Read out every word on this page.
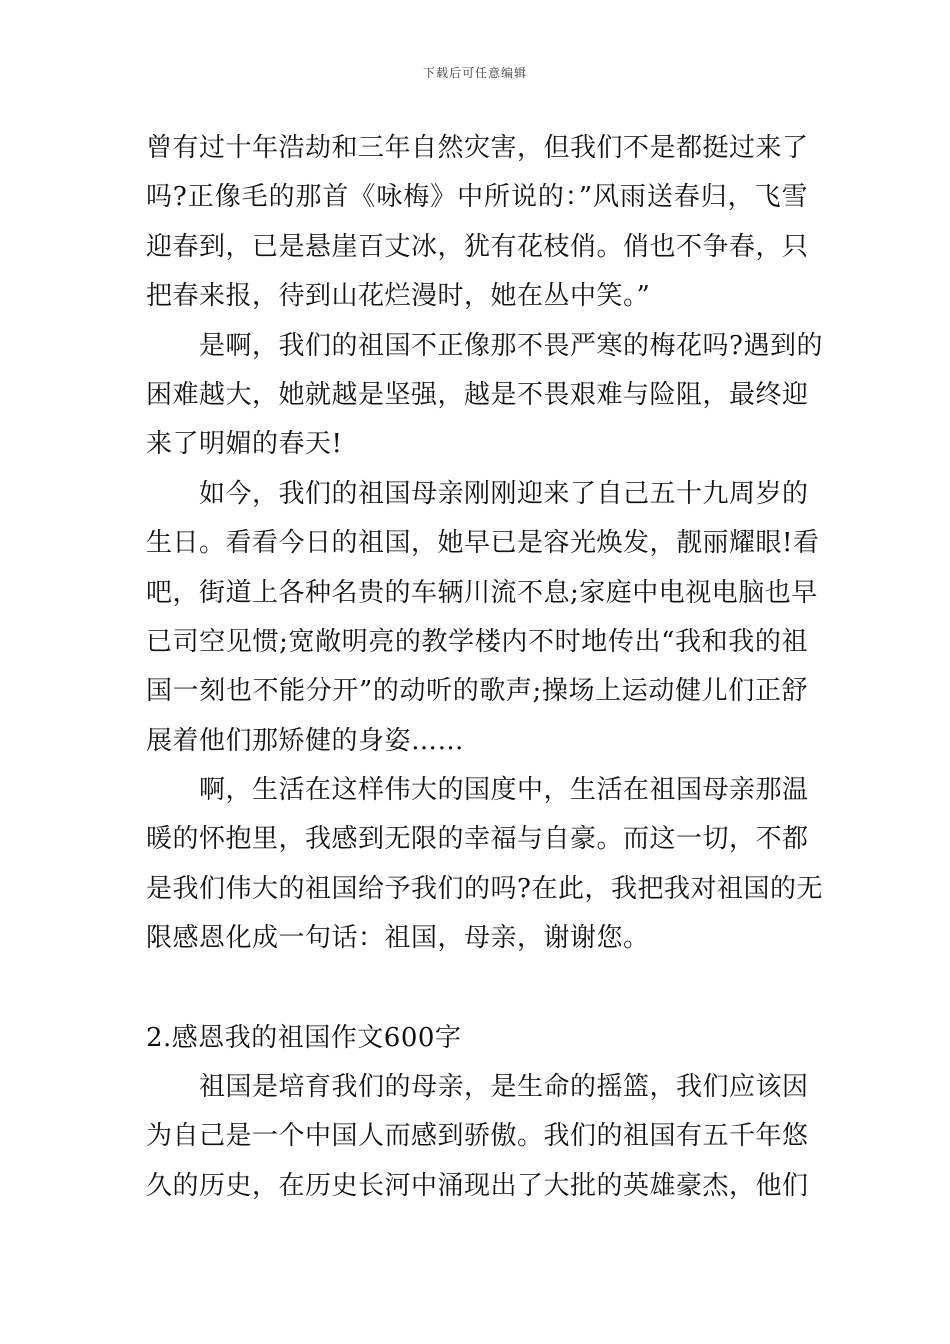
下载后可任意编辑
曾有过十年浩劫和三年自然灾害，但我们不是都挺过来了
吗?正像毛的那首《咏梅》中所说的：”风雨送春归，飞雪
迎春到，已是悬崖百丈冰，犹有花枝俏。俏也不争春，只
把春来报，待到山花烂漫时，她在丛中笑。”
　　是啊，我们的祖国不正像那不畏严寒的梅花吗?遇到的
困难越大，她就越是坚强，越是不畏艰难与险阻，最终迎
来了明媚的春天!
　　如今，我们的祖国母亲刚刚迎来了自己五十九周岁的
生日。看看今日的祖国，她早已是容光焕发，靓丽耀眼!看
吧，街道上各种名贵的车辆川流不息;家庭中电视电脑也早
已司空见惯;宽敞明亮的教学楼内不时地传出“我和我的祖
国一刻也不能分开”的动听的歌声;操场上运动健儿们正舒
展着他们那矫健的身姿……
　　啊，生活在这样伟大的国度中，生活在祖国母亲那温
暖的怀抱里，我感到无限的幸福与自豪。而这一切，不都
是我们伟大的祖国给予我们的吗?在此，我把我对祖国的无
限感恩化成一句话：祖国，母亲，谢谢您。
2.感恩我的祖国作文600字
　　祖国是培育我们的母亲，是生命的摇篮，我们应该因
为自己是一个中国人而感到骄傲。我们的祖国有五千年悠
久的历史，在历史长河中涌现出了大批的英雄豪杰，他们
